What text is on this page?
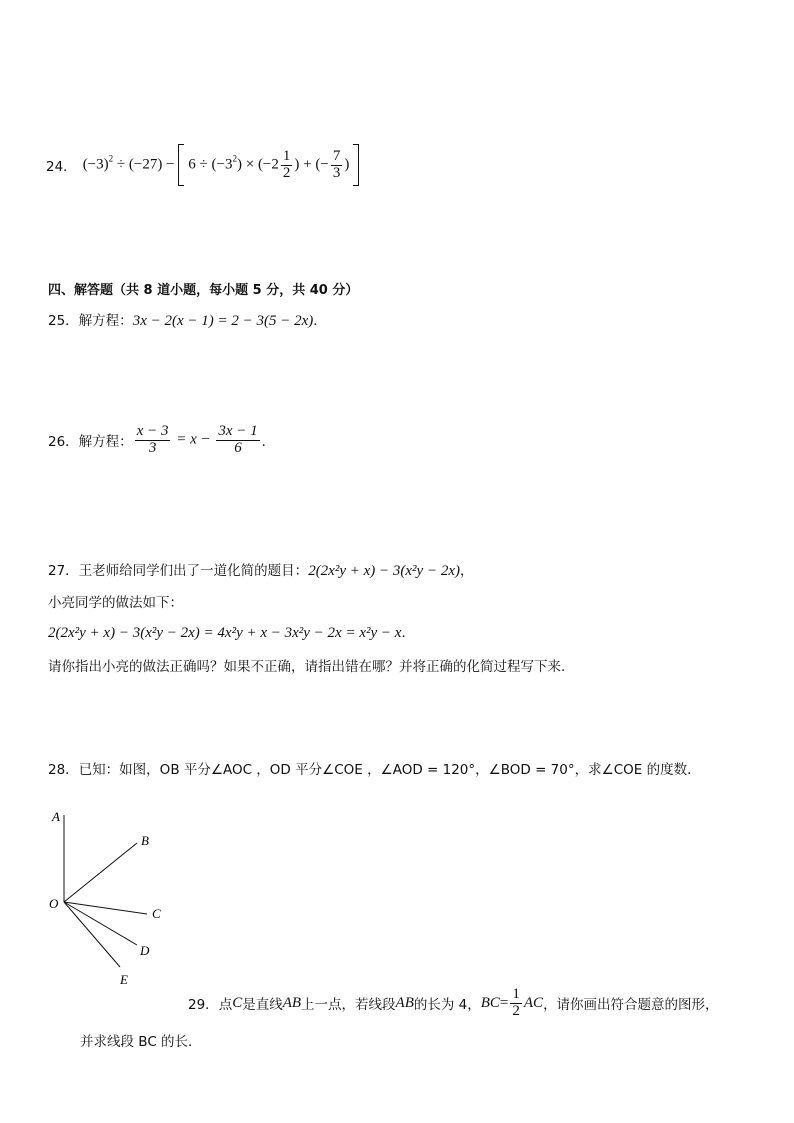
24． $(-3)^2 \div (-27) - 6 \div (-3^2) \times (-2 \frac{1}{2}$ ) + (− $\frac{7}{3}$ )
四、解答题（共 8 道小题，每小题 5 分，共 40 分）
25．解方程：3x − 2(x − 1) = 2 − 3(5 − 2x)．
26． 解方程： $\frac{x - 3}{3} = x - \frac{3x - 1}{6}$ ．
27．王老师给同学们出了一道化简的题目：2(2x²y + x) − 3(x²y − 2x)，
小亮同学的做法如下：
2(2x²y + x) − 3(x²y − 2x) = 4x²y + x − 3x²y − 2x = x²y − x．
请你指出小亮的做法正确吗？如果不正确，请指出错在哪？并将正确的化简过程写下来．
28．已知：如图，OB 平分∠AOC ，OD 平分∠COE ，∠AOD = 120°，∠BOD = 70°，求∠COE 的度数．
A
B
C
D
E
O
29． 点 C 是直线 AB 上一点，若线段 AB 的长为 4， BC = $\frac{1}{2}$ AC ，请你画出符合题意的图形，
并求线段 BC 的长．
